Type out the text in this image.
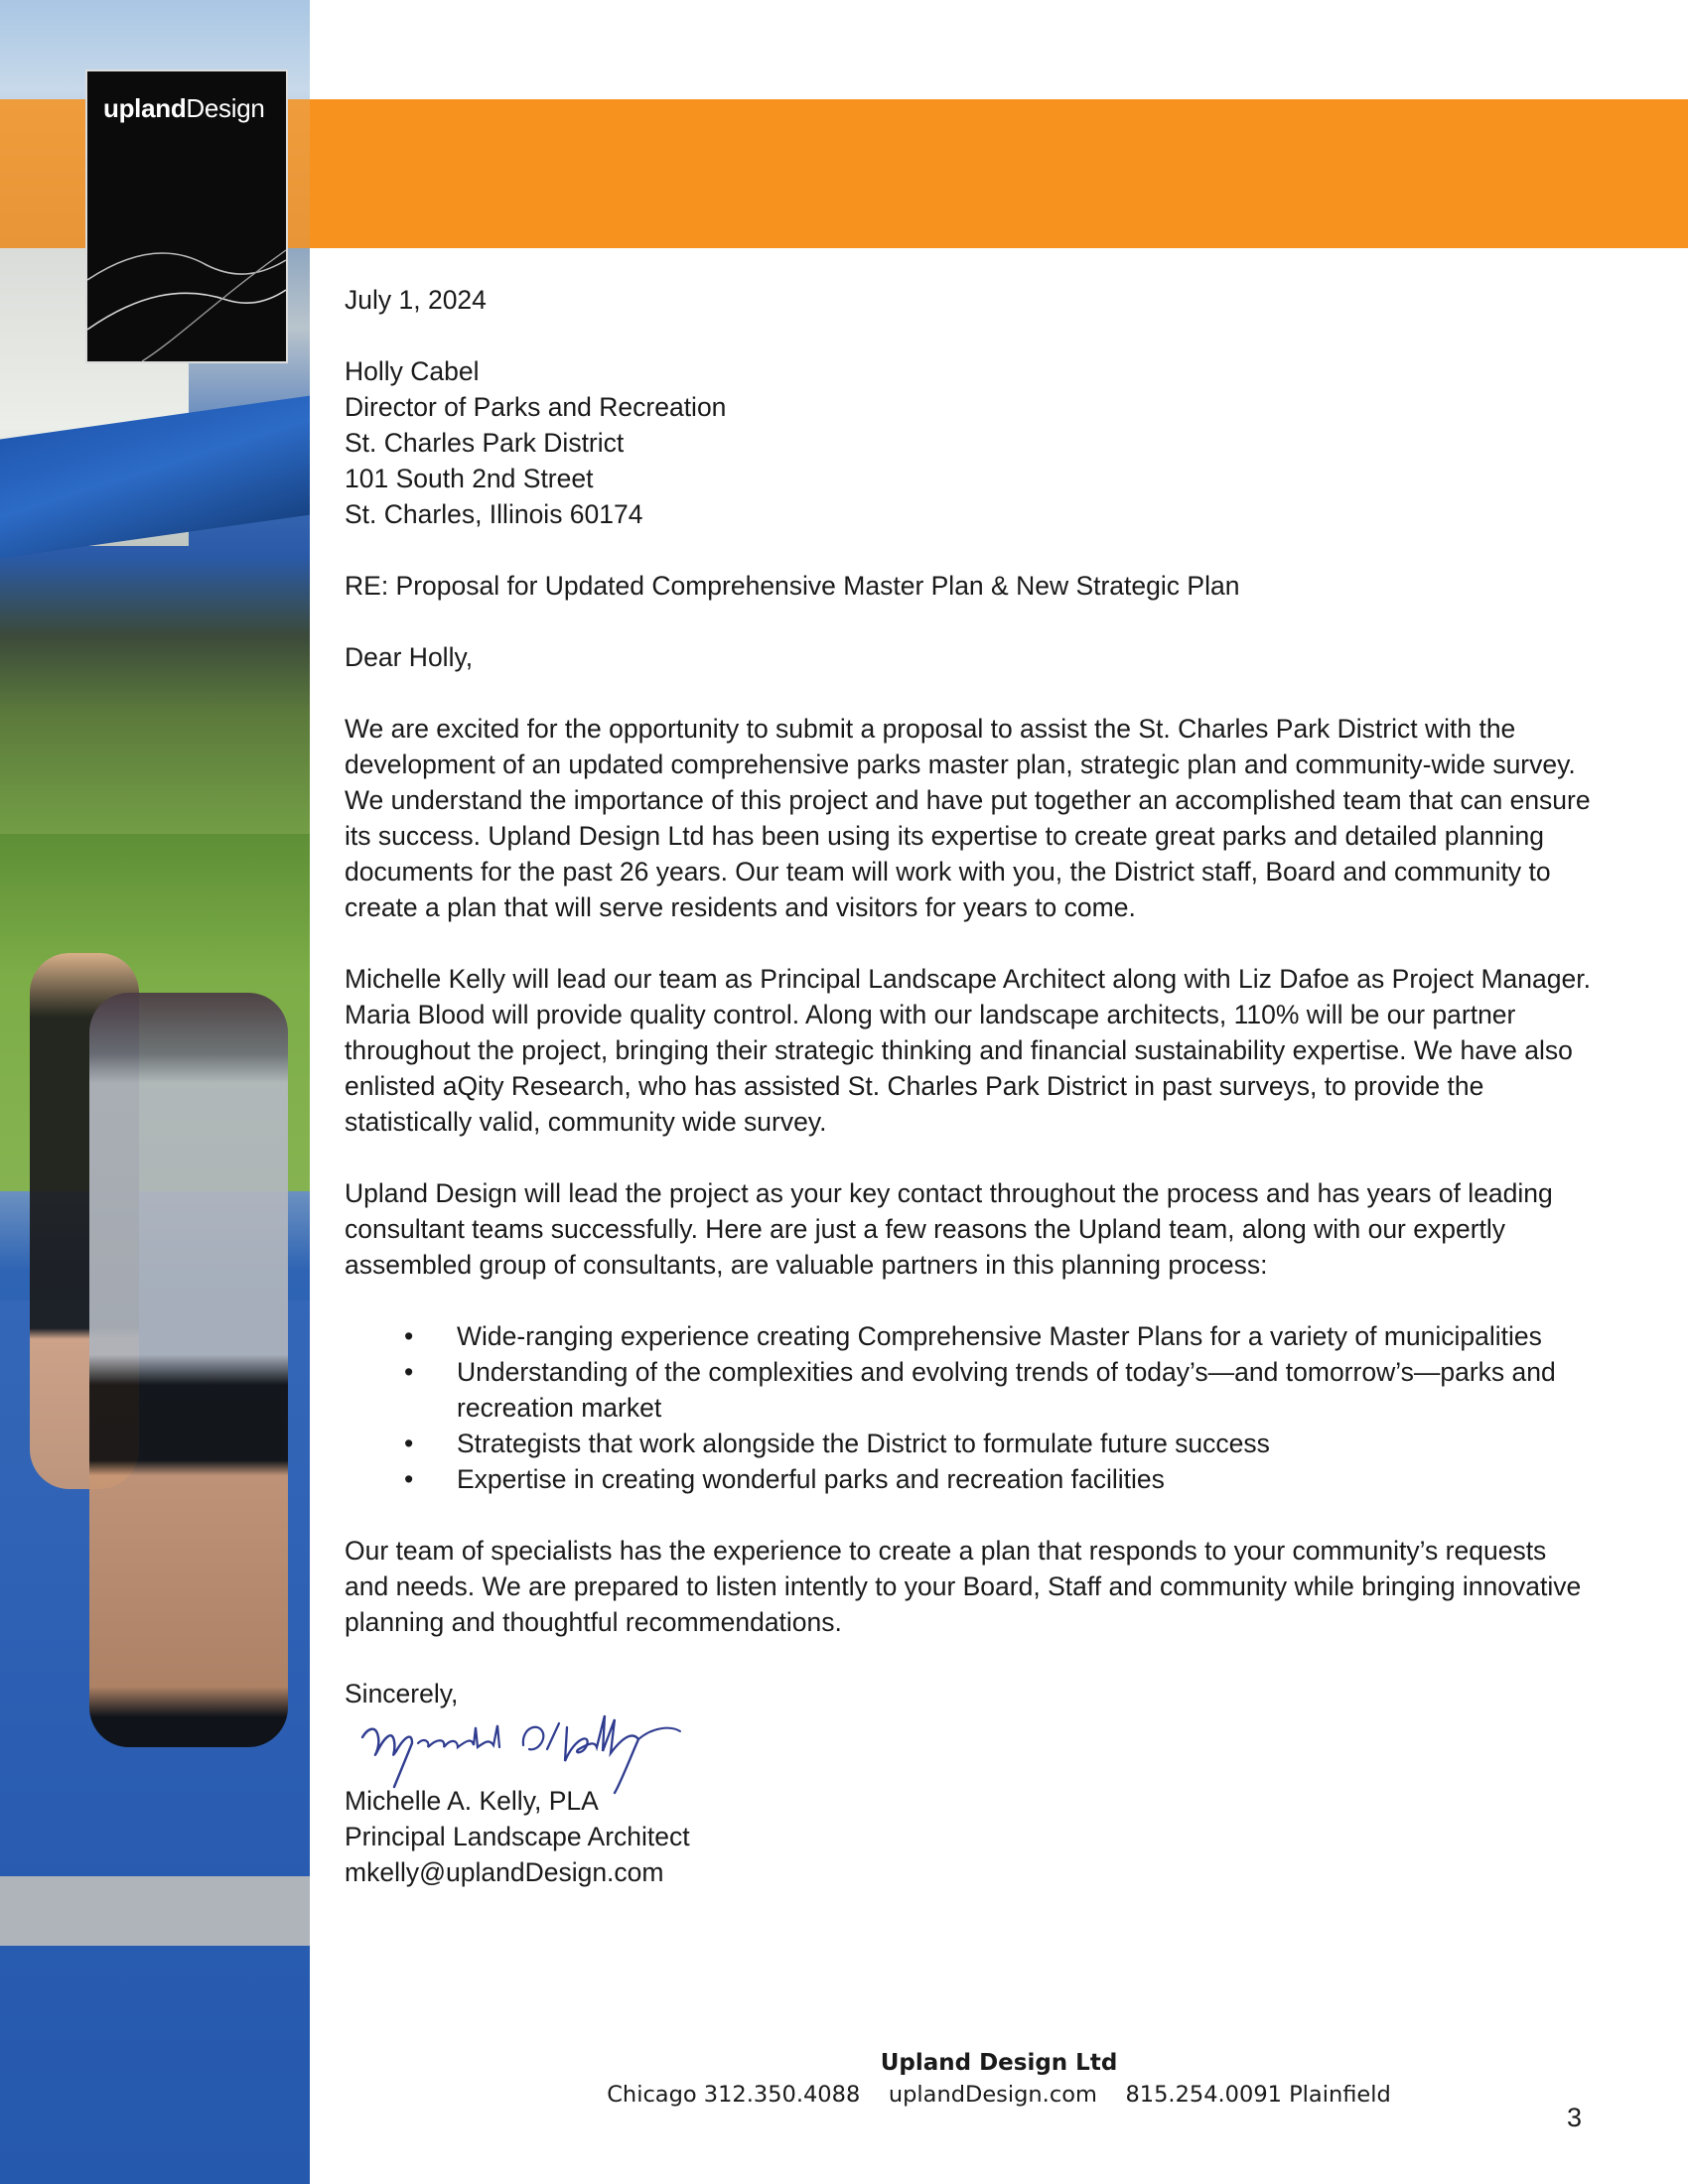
uplandDesign

July 1, 2024

Holly Cabel

Director of Parks and Recreation

St. Charles Park District

101 South 2nd Street

St. Charles, Illinois 60174

RE: Proposal for Updated Comprehensive Master Plan & New Strategic Plan

Dear Holly,

We are excited for the opportunity to submit a proposal to assist the St. Charles Park District with the development of an updated comprehensive parks master plan, strategic plan and community-wide survey. We understand the importance of this project and have put together an accomplished team that can ensure its success. Upland Design Ltd has been using its expertise to create great parks and detailed planning documents for the past 26 years. Our team will work with you, the District staff, Board and community to create a plan that will serve residents and visitors for years to come.

Michelle Kelly will lead our team as Principal Landscape Architect along with Liz Dafoe as Project Manager. Maria Blood will provide quality control. Along with our landscape architects, 110% will be our partner throughout the project, bringing their strategic thinking and financial sustainability expertise. We have also enlisted aQity Research, who has assisted St. Charles Park District in past surveys, to provide the statistically valid, community wide survey.

Upland Design will lead the project as your key contact throughout the process and has years of leading consultant teams successfully. Here are just a few reasons the Upland team, along with our expertly assembled group of consultants, are valuable partners in this planning process:

• Wide-ranging experience creating Comprehensive Master Plans for a variety of municipalities
• Understanding of the complexities and evolving trends of today’s—and tomorrow’s—parks and recreation market
• Strategists that work alongside the District to formulate future success
• Expertise in creating wonderful parks and recreation facilities

Our team of specialists has the experience to create a plan that responds to your community’s requests and needs. We are prepared to listen intently to your Board, Staff and community while bringing innovative planning and thoughtful recommendations.

Sincerely,

Michelle A. Kelly, PLA

Principal Landscape Architect

mkelly@uplandDesign.com

Upland Design Ltd
Chicago 312.350.4088    uplandDesign.com    815.254.0091 Plainfield
3
